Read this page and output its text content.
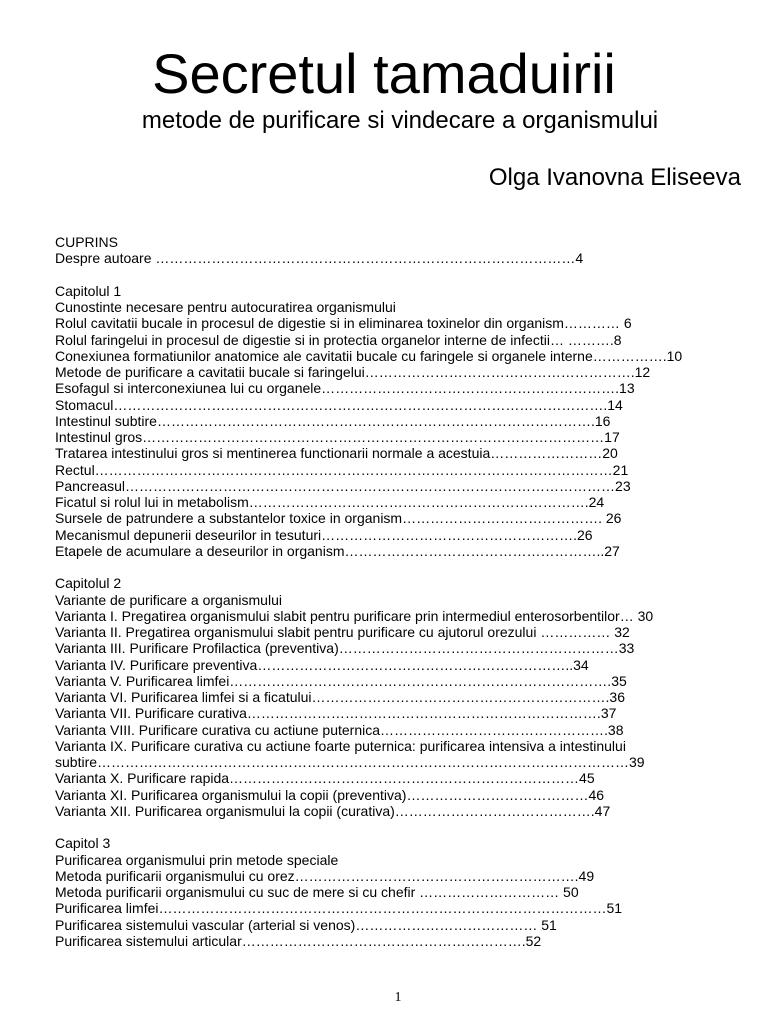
Secretul tamaduirii
metode de purificare si vindecare a organismului
Olga Ivanovna Eliseeva
CUPRINS
Despre autoare ………………………………………………………………………………4
Capitolul 1
Cunostinte necesare pentru autocuratirea organismului
Rolul cavitatii bucale in procesul de digestie si in eliminarea toxinelor din organism………… 6
Rolul faringelui in procesul de digestie si in protectia organelor interne de infectii… ……….8
Conexiunea formatiunilor anatomice ale cavitatii bucale cu faringele si organele interne…………….10
Metode de purificare a cavitatii bucale si faringelui………………………………………………….12
Esofagul si interconexiunea lui cu organele……………………………………………………….13
Stomacul…………………………………………………………………………………………….14
Intestinul subtire………………………………………………………………………………….16
Intestinul gros………………………………………………………………………………………17
Tratarea intestinului gros si mentinerea functionarii normale a acestuia……………………20
Rectul…………………………………………………………………………………………………21
Pancreasul……………………………………………………………………………………………23
Ficatul si rolul lui in metabolism……………………………………………………………….24
Sursele de patrundere a substantelor toxice in organism……………………………………. 26
Mecanismul depunerii deseurilor in tesuturi……………………………………………….26
Etapele de acumulare a deseurilor in organism………………………………………………..27
Capitolul 2
Variante de purificare a organismului
Varianta I. Pregatirea organismului slabit pentru purificare prin intermediul enterosorbentilor… 30
Varianta II. Pregatirea organismului slabit pentru purificare cu ajutorul orezului …………… 32
Varianta III. Purificare Profilactica (preventiva)……………………………………………………33
Varianta IV. Purificare preventiva…………………………………………………………..34
Varianta V. Purificarea limfei……………………………………………………………………….35
Varianta VI. Purificarea limfei si a ficatului……………………………………………………….36
Varianta VII. Purificare curativa………………………………………………………………….37
Varianta VIII. Purificare curativa cu actiune puternica………………………………………….38
Varianta IX. Purificare curativa cu actiune foarte puternica: purificarea intensiva a intestinului
subtire……………………………………………………………………………………………………39
Varianta X. Purificare rapida…………………………………………………………………45
Varianta XI. Purificarea organismului la copii (preventiva)…………………………………46
Varianta XII. Purificarea organismului la copii (curativa)…………………………………….47
Capitol 3
Purificarea organismului prin metode speciale
Metoda purificarii organismului cu orez…………………………………………………….49
Metoda purificarii organismului cu suc de mere si cu chefir ………………………… 50
Purificarea limfei……………………………………………………………………………………51
Purificarea sistemului vascular (arterial si venos)………………………………… 51
Purificarea sistemului articular…………………………………………………….52
1
